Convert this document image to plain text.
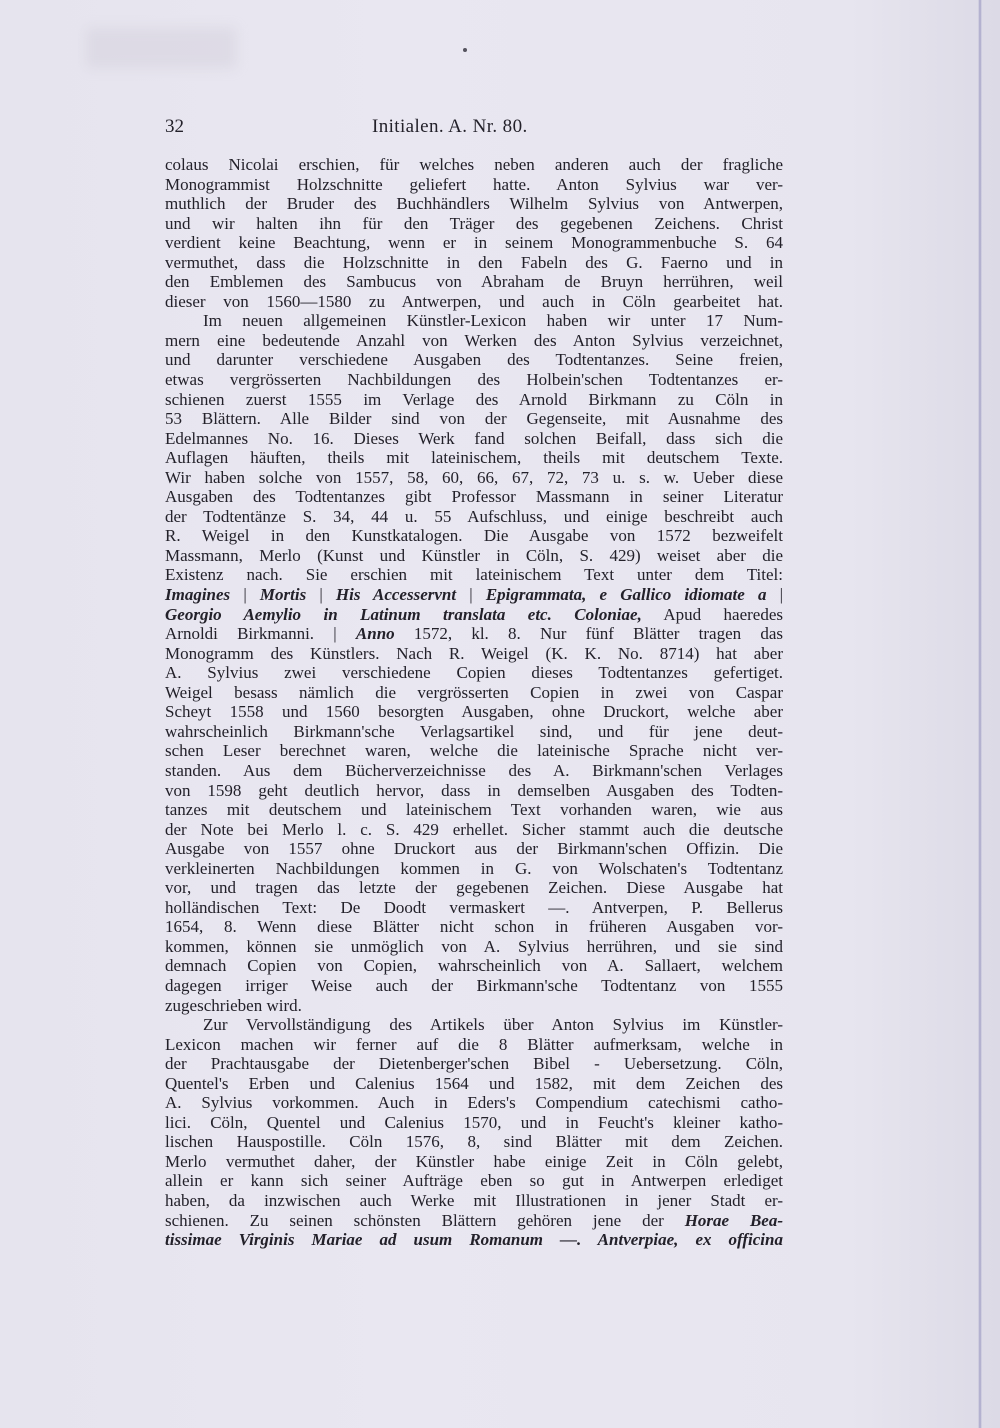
32	Initialen. A. Nr. 80.
colaus Nicolai erschien, für welches neben anderen auch der fragliche
Monogrammist Holzschnitte geliefert hatte. Anton Sylvius war ver-
muthlich der Bruder des Buchhändlers Wilhelm Sylvius von Antwerpen,
und wir halten ihn für den Träger des gegebenen Zeichens. Christ
verdient keine Beachtung, wenn er in seinem Monogrammenbuche S. 64
vermuthet, dass die Holzschnitte in den Fabeln des G. Faerno und in
den Emblemen des Sambucus von Abraham de Bruyn herrühren, weil
dieser von 1560—1580 zu Antwerpen, und auch in Cöln gearbeitet hat.
Im neuen allgemeinen Künstler-Lexicon haben wir unter 17 Num-
mern eine bedeutende Anzahl von Werken des Anton Sylvius verzeichnet,
und darunter verschiedene Ausgaben des Todtentanzes. Seine freien,
etwas vergrösserten Nachbildungen des Holbein'schen Todtentanzes er-
schienen zuerst 1555 im Verlage des Arnold Birkmann zu Cöln in
53 Blättern. Alle Bilder sind von der Gegenseite, mit Ausnahme des
Edelmannes No. 16. Dieses Werk fand solchen Beifall, dass sich die
Auflagen häuften, theils mit lateinischem, theils mit deutschem Texte.
Wir haben solche von 1557, 58, 60, 66, 67, 72, 73 u. s. w. Ueber diese
Ausgaben des Todtentanzes gibt Professor Massmann in seiner Literatur
der Todtentänze S. 34, 44 u. 55 Aufschluss, und einige beschreibt auch
R. Weigel in den Kunstkatalogen. Die Ausgabe von 1572 bezweifelt
Massmann, Merlo (Kunst und Künstler in Cöln, S. 429) weiset aber die
Existenz nach. Sie erschien mit lateinischem Text unter dem Titel:
Imagines | Mortis | His Accesservnt | Epigrammata, e Gallico idiomate a |
Georgio Aemylio in Latinum translata etc. Coloniae, Apud haeredes
Arnoldi Birkmanni. | Anno 1572, kl. 8. Nur fünf Blätter tragen das
Monogramm des Künstlers. Nach R. Weigel (K. K. No. 8714) hat aber
A. Sylvius zwei verschiedene Copien dieses Todtentanzes gefertiget.
Weigel besass nämlich die vergrösserten Copien in zwei von Caspar
Scheyt 1558 und 1560 besorgten Ausgaben, ohne Druckort, welche aber
wahrscheinlich Birkmann'sche Verlagsartikel sind, und für jene deut-
schen Leser berechnet waren, welche die lateinische Sprache nicht ver-
standen. Aus dem Bücherverzeichnisse des A. Birkmann'schen Verlages
von 1598 geht deutlich hervor, dass in demselben Ausgaben des Todten-
tanzes mit deutschem und lateinischem Text vorhanden waren, wie aus
der Note bei Merlo l. c. S. 429 erhellet. Sicher stammt auch die deutsche
Ausgabe von 1557 ohne Druckort aus der Birkmann'schen Offizin. Die
verkleinerten Nachbildungen kommen in G. von Wolschaten's Todtentanz
vor, und tragen das letzte der gegebenen Zeichen. Diese Ausgabe hat
holländischen Text: De Doodt vermaskert —. Antverpen, P. Bellerus
1654, 8. Wenn diese Blätter nicht schon in früheren Ausgaben vor-
kommen, können sie unmöglich von A. Sylvius herrühren, und sie sind
demnach Copien von Copien, wahrscheinlich von A. Sallaert, welchem
dagegen irriger Weise auch der Birkmann'sche Todtentanz von 1555
zugeschrieben wird.
Zur Vervollständigung des Artikels über Anton Sylvius im Künstler-
Lexicon machen wir ferner auf die 8 Blätter aufmerksam, welche in
der Prachtausgabe der Dietenberger'schen Bibel - Uebersetzung. Cöln,
Quentel's Erben und Calenius 1564 und 1582, mit dem Zeichen des
A. Sylvius vorkommen. Auch in Eders's Compendium catechismi catho-
lici. Cöln, Quentel und Calenius 1570, und in Feucht's kleiner katho-
lischen Hauspostille. Cöln 1576, 8, sind Blätter mit dem Zeichen.
Merlo vermuthet daher, der Künstler habe einige Zeit in Cöln gelebt,
allein er kann sich seiner Aufträge eben so gut in Antwerpen erlediget
haben, da inzwischen auch Werke mit Illustrationen in jener Stadt er-
schienen. Zu seinen schönsten Blättern gehören jene der Horae Bea-
tissimae Virginis Mariae ad usum Romanum —. Antverpiae, ex officina
